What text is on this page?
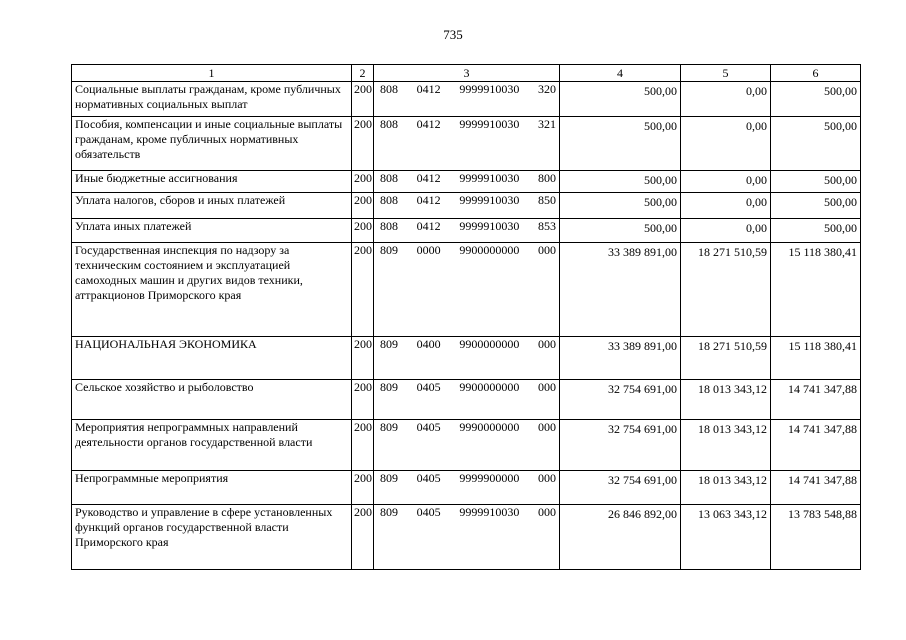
735
1	2	3	4	5	6
Социальные выплаты гражданам, кроме публичных нормативных социальных выплат	200	808 0412 9999910030 320	500,00	0,00	500,00
Пособия, компенсации и иные социальные выплаты гражданам, кроме публичных нормативных обязательств	200	808 0412 9999910030 321	500,00	0,00	500,00
Иные бюджетные ассигнования	200	808 0412 9999910030 800	500,00	0,00	500,00
Уплата налогов, сборов и иных платежей	200	808 0412 9999910030 850	500,00	0,00	500,00
Уплата иных платежей	200	808 0412 9999910030 853	500,00	0,00	500,00
Государственная инспекция по надзору за техническим состоянием и эксплуатацией самоходных машин и других видов техники, аттракционов Приморского края	200	809 0000 9900000000 000	33 389 891,00	18 271 510,59	15 118 380,41
НАЦИОНАЛЬНАЯ ЭКОНОМИКА	200	809 0400 9900000000 000	33 389 891,00	18 271 510,59	15 118 380,41
Сельское хозяйство и рыболовство	200	809 0405 9900000000 000	32 754 691,00	18 013 343,12	14 741 347,88
Мероприятия непрограммных направлений деятельности органов государственной власти	200	809 0405 9990000000 000	32 754 691,00	18 013 343,12	14 741 347,88
Непрограммные мероприятия	200	809 0405 9999900000 000	32 754 691,00	18 013 343,12	14 741 347,88
Руководство и управление в сфере установленных функций органов государственной власти Приморского края	200	809 0405 9999910030 000	26 846 892,00	13 063 343,12	13 783 548,88
